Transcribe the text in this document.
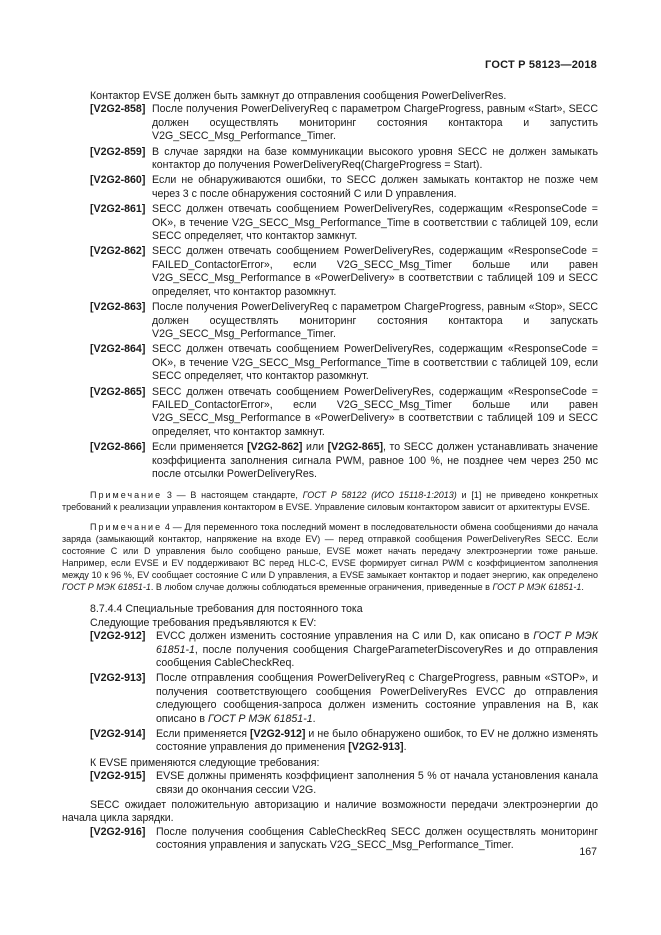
ГОСТ Р 58123—2018

Контактор EVSE должен быть замкнут до отправления сообщения PowerDeliverRes.

[V2G2-858] После получения PowerDeliveryReq с параметром ChargeProgress, равным «Start», SECC должен осуществлять мониторинг состояния контактора и запустить V2G_SECC_Msg_Performance_Timer.
[V2G2-859] В случае зарядки на базе коммуникации высокого уровня SECC не должен замыкать контактор до получения PowerDeliveryReq(ChargeProgress = Start).
[V2G2-860] Если не обнаруживаются ошибки, то SECC должен замыкать контактор не позже чем через 3 с после обнаружения состояний C или D управления.
[V2G2-861] SECC должен отвечать сообщением PowerDeliveryRes, содержащим «ResponseCode = OK», в течение V2G_SECC_Msg_Performance_Time в соответствии с таблицей 109, если SECC определяет, что контактор замкнут.
[V2G2-862] SECC должен отвечать сообщением PowerDeliveryRes, содержащим «ResponseCode = FAILED_ContactorError», если V2G_SECC_Msg_Timer больше или равен V2G_SECC_Msg_Performance в «PowerDelivery» в соответствии с таблицей 109 и SECC определяет, что контактор разомкнут.
[V2G2-863] После получения PowerDeliveryReq с параметром ChargeProgress, равным «Stop», SECC должен осуществлять мониторинг состояния контактора и запускать V2G_SECC_Msg_Performance_Timer.
[V2G2-864] SECC должен отвечать сообщением PowerDeliveryRes, содержащим «ResponseCode = OK», в течение V2G_SECC_Msg_Performance_Time в соответствии с таблицей 109, если SECC определяет, что контактор разомкнут.
[V2G2-865] SECC должен отвечать сообщением PowerDeliveryRes, содержащим «ResponseCode = FAILED_ContactorError», если V2G_SECC_Msg_Timer больше или равен V2G_SECC_Msg_Performance в «PowerDelivery» в соответствии с таблицей 109 и SECC определяет, что контактор замкнут.
[V2G2-866] Если применяется [V2G2-862] или [V2G2-865], то SECC должен устанавливать значение коэффициента заполнения сигнала PWM, равное 100 %, не позднее чем через 250 мс после отсылки PowerDeliveryRes.

Примечание 3 — В настоящем стандарте, ГОСТ Р 58122 (ИСО 15118-1:2013) и [1] не приведено конкретных требований к реализации управления контактором в EVSE. Управление силовым контактором зависит от архитектуры EVSE.

Примечание 4 — Для переменного тока последний момент в последовательности обмена сообщениями до начала заряда (замыкающий контактор, напряжение на входе EV) — перед отправкой сообщения PowerDeliveryRes SECC. Если состояние C или D управления было сообщено раньше, EVSE может начать передачу электроэнергии тоже раньше. Например, если EVSE и EV поддерживают BC перед HLC-C, EVSE формирует сигнал PWM с коэффициентом заполнения между 10 к 96 %, EV сообщает состояние C или D управления, а EVSE замыкает контактор и подает энергию, как определено ГОСТ Р МЭК 61851-1. В любом случае должны соблюдаться временные ограничения, приведенные в ГОСТ Р МЭК 61851-1.

8.7.4.4 Специальные требования для постоянного тока

Следующие требования предъявляются к EV:

[V2G2-912]	EVCC должен изменить состояние управления на C или D, как описано в ГОСТ Р МЭК 61851-1, после получения сообщения ChargeParameterDiscoveryRes и до отправления сообщения CableCheckReq.
[V2G2-913]	После отправления сообщения PowerDeliveryReq с ChargeProgress, равным «STOP», и получения соответствующего сообщения PowerDeliveryRes EVCC до отправления следующего сообщения-запроса должен изменить состояние управления на B, как описано в ГОСТ Р МЭК 61851-1.
[V2G2-914]	Если применяется [V2G2-912] и не было обнаружено ошибок, то EV не должно изменять состояние управления до применения [V2G2-913].

К EVSE применяются следующие требования:

[V2G2-915]	EVSE должны применять коэффициент заполнения 5 % от начала установления канала связи до окончания сессии V2G.

SECC ожидает положительную авторизацию и наличие возможности передачи электроэнергии до начала цикла зарядки.

[V2G2-916]	После получения сообщения CableCheckReq SECC должен осуществлять мониторинг состояния управления и запускать V2G_SECC_Msg_Performance_Timer.
167
